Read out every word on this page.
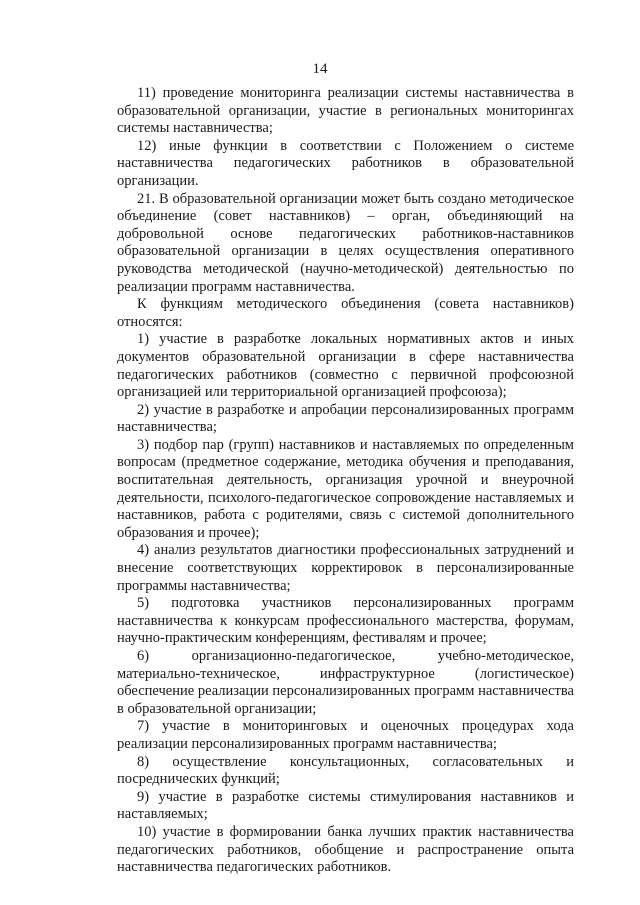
14

11) проведение мониторинга реализации системы наставничества в образовательной организации, участие в региональных мониторингах системы наставничества;

12) иные функции в соответствии с Положением о системе наставничества педагогических работников в образовательной организации.

21. В образовательной организации может быть создано методическое объединение (совет наставников) – орган, объединяющий на добровольной основе педагогических работников-наставников образовательной организации в целях осуществления оперативного руководства методической (научно-методической) деятельностью по реализации программ наставничества.

К функциям методического объединения (совета наставников) относятся:

1) участие в разработке локальных нормативных актов и иных документов образовательной организации в сфере наставничества педагогических работников (совместно с первичной профсоюзной организацией или территориальной организацией профсоюза);

2) участие в разработке и апробации персонализированных программ наставничества;

3) подбор пар (групп) наставников и наставляемых по определенным вопросам (предметное содержание, методика обучения и преподавания, воспитательная деятельность, организация урочной и внеурочной деятельности, психолого-педагогическое сопровождение наставляемых и наставников, работа с родителями, связь с системой дополнительного образования и прочее);

4) анализ результатов диагностики профессиональных затруднений и внесение соответствующих корректировок в персонализированные программы наставничества;

5) подготовка участников персонализированных программ наставничества к конкурсам профессионального мастерства, форумам, научно-практическим конференциям, фестивалям и прочее;

6) организационно-педагогическое, учебно-методическое, материально-техническое, инфраструктурное (логистическое) обеспечение реализации персонализированных программ наставничества в образовательной организации;

7) участие в мониторинговых и оценочных процедурах хода реализации персонализированных программ наставничества;

8) осуществление консультационных, согласовательных и посреднических функций;

9) участие в разработке системы стимулирования наставников и наставляемых;

10) участие в формировании банка лучших практик наставничества педагогических работников, обобщение и распространение опыта наставничества педагогических работников.
